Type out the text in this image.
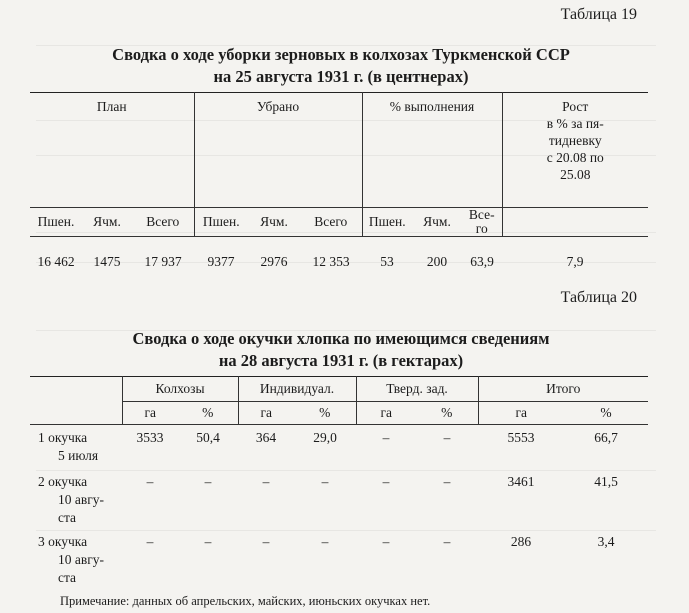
Таблица 19
Сводка о ходе уборки зерновых в колхозах Туркменской ССР
на 25 августа 1931 г. (в центнерах)
План			Убрано			% выполнения			Рост
в % за пя-
тидневку
с 20.08 по
25.08

Пшен.	Ячм.	Всего	Пшен.	Ячм.	Всего	Пшен.	Ячм.	Все-
го	

16 462	1475	17 937	9377	2976	12 353	53	200	63,9	7,9
Таблица 20
Сводка о ходе окучки хлопка по имеющимся сведениям
на 28 августа 1931 г. (в гектарах)
	Колхозы		Индивидуал.		Тверд. зад.		Итого	
	га	%	га	%	га	%	га	%
1 окучка
5 июля	3533	50,4	364	29,0	–	–	5553	66,7
2 окучка
10 авгу-
ста	–	–	–	–	–	–	3461	41,5
3 окучка
10 авгу-
ста	–	–	–	–	–	–	286	3,4
Примечание: данных об апрельских, майских, июньских окучках нет.
